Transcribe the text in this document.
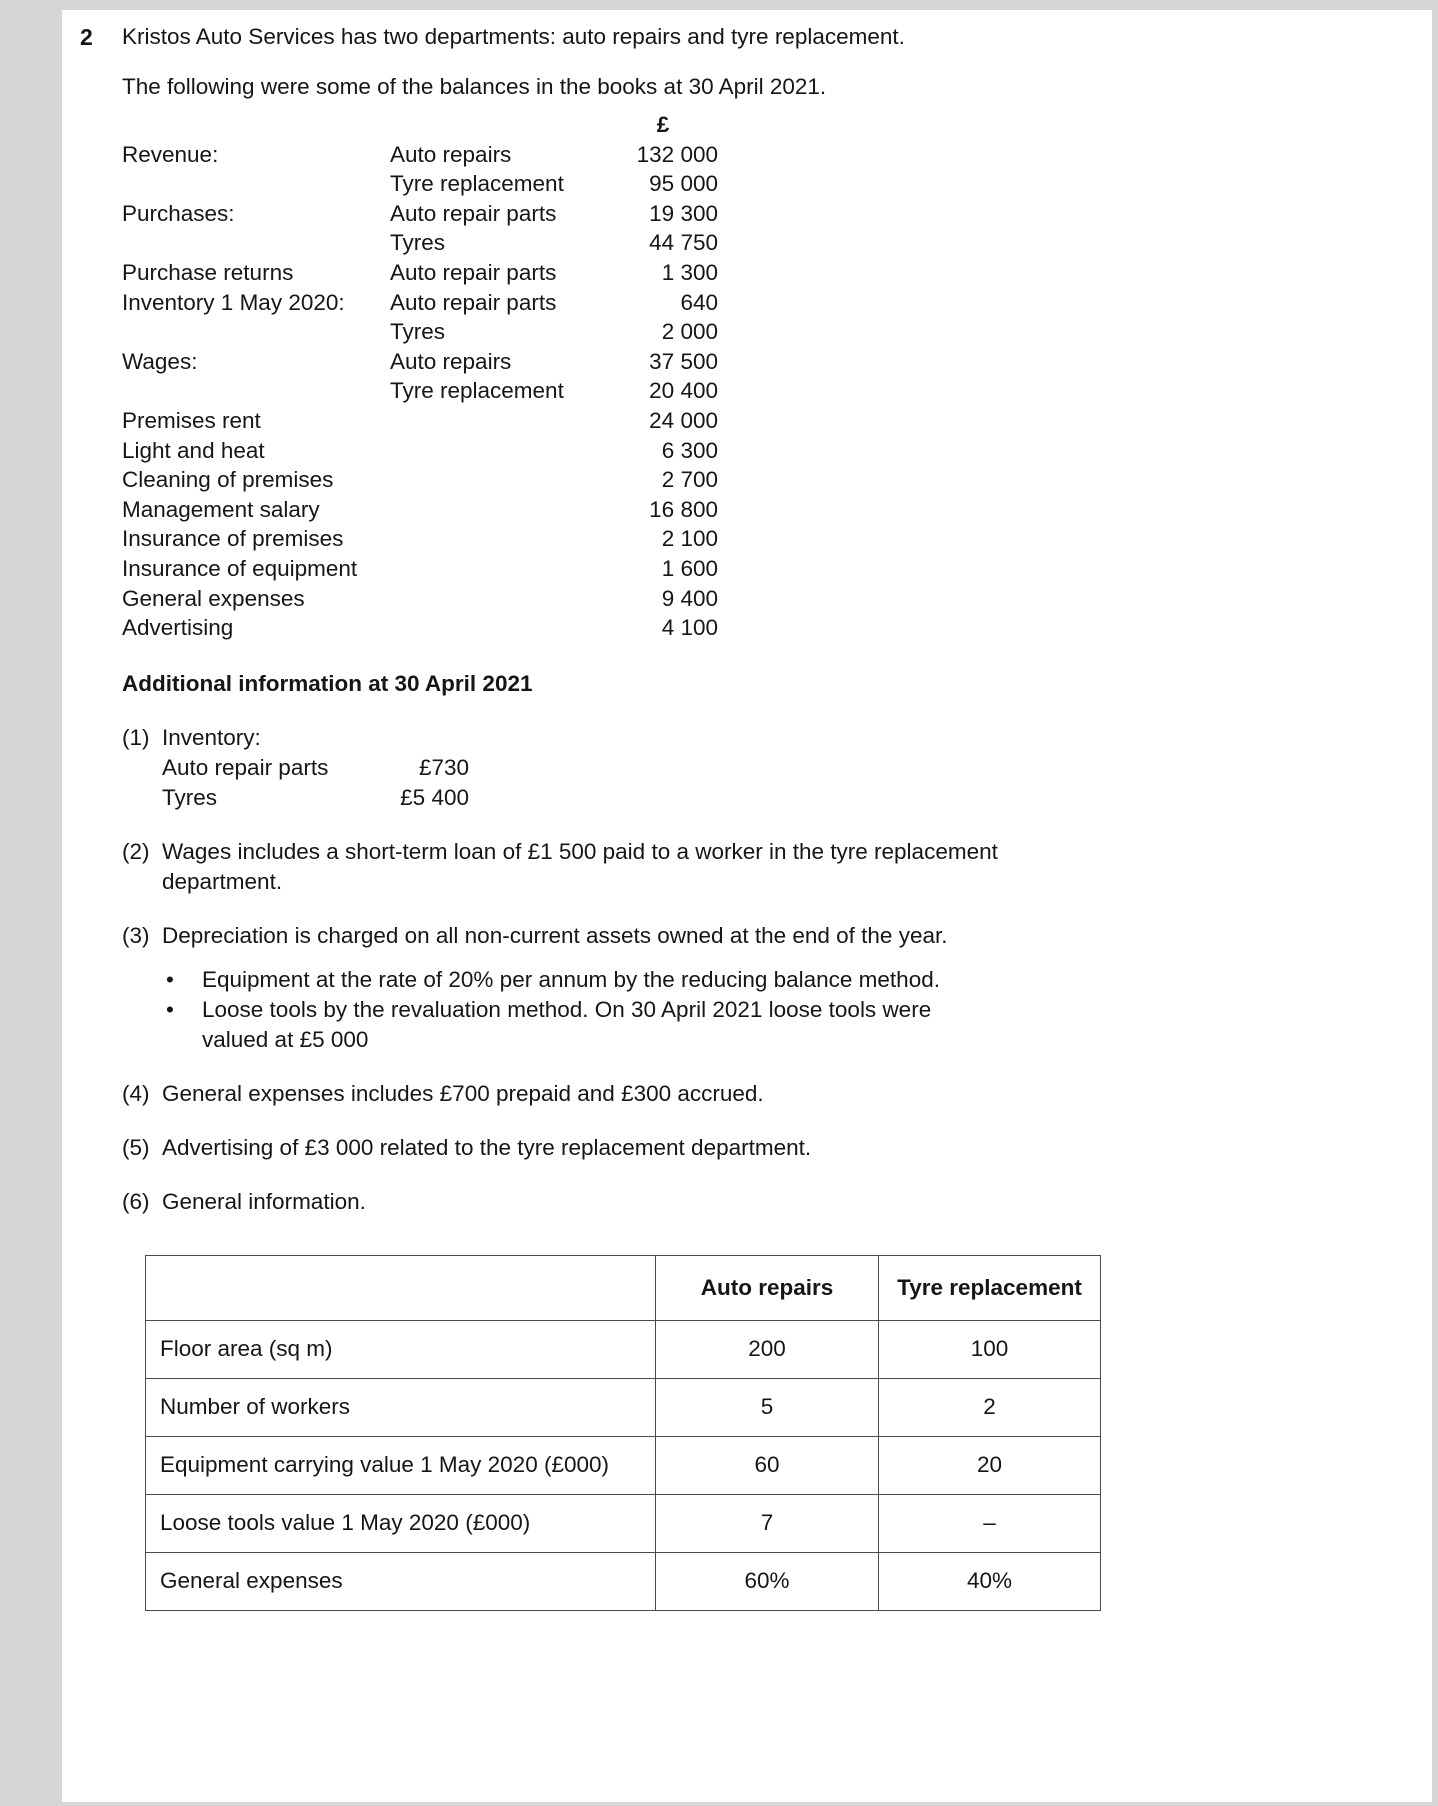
2	Kristos Auto Services has two departments: auto repairs and tyre replacement.

The following were some of the balances in the books at 30 April 2021.

£
Revenue:	Auto repairs	132 000
Tyre replacement	95 000
Purchases:	Auto repair parts	19 300
Tyres	44 750
Purchase returns	Auto repair parts	1 300
Inventory 1 May 2020:	Auto repair parts	640
Tyres	2 000
Wages:	Auto repairs	37 500
Tyre replacement	20 400
Premises rent	24 000
Light and heat	6 300
Cleaning of premises	2 700
Management salary	16 800
Insurance of premises	2 100
Insurance of equipment	1 600
General expenses	9 400
Advertising	4 100
Additional information at 30 April 2021
(1) Inventory:
Auto repair parts	£730
Tyres	£5 400
(2) Wages includes a short-term loan of £1 500 paid to a worker in the tyre replacement department.
(3) Depreciation is charged on all non-current assets owned at the end of the year.
•	Equipment at the rate of 20% per annum by the reducing balance method.
•	Loose tools by the revaluation method. On 30 April 2021 loose tools were valued at £5 000
(4) General expenses includes £700 prepaid and £300 accrued.
(5) Advertising of £3 000 related to the tyre replacement department.
(6) General information.
	Auto repairs	Tyre replacement
Floor area (sq m)	200	100
Number of workers	5	2
Equipment carrying value 1 May 2020 (£000)	60	20
Loose tools value 1 May 2020 (£000)	7	–
General expenses	60%	40%
